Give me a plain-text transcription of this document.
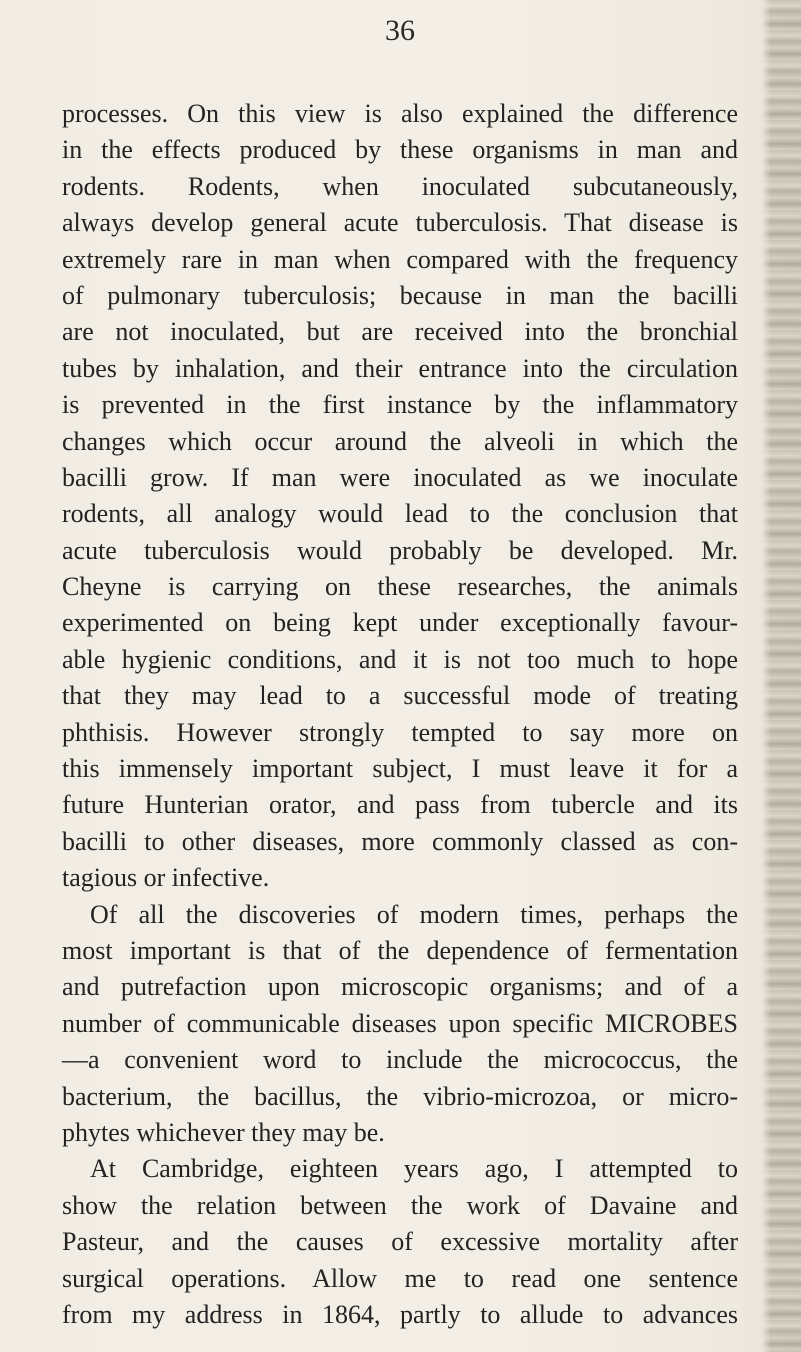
36
processes. On this view is also explained the difference
in the effects produced by these organisms in man and
rodents. Rodents, when inoculated subcutaneously,
always develop general acute tuberculosis. That disease is
extremely rare in man when compared with the frequency
of pulmonary tuberculosis; because in man the bacilli
are not inoculated, but are received into the bronchial
tubes by inhalation, and their entrance into the circulation
is prevented in the first instance by the inflammatory
changes which occur around the alveoli in which the
bacilli grow. If man were inoculated as we inoculate
rodents, all analogy would lead to the conclusion that
acute tuberculosis would probably be developed. Mr.
Cheyne is carrying on these researches, the animals
experimented on being kept under exceptionally favour-
able hygienic conditions, and it is not too much to hope
that they may lead to a successful mode of treating
phthisis. However strongly tempted to say more on
this immensely important subject, I must leave it for a
future Hunterian orator, and pass from tubercle and its
bacilli to other diseases, more commonly classed as con-
tagious or infective.
Of all the discoveries of modern times, perhaps the
most important is that of the dependence of fermentation
and putrefaction upon microscopic organisms; and of a
number of communicable diseases upon specific MICROBES
—a convenient word to include the micrococcus, the
bacterium, the bacillus, the vibrio-microzoa, or micro-
phytes whichever they may be.
At Cambridge, eighteen years ago, I attempted to
show the relation between the work of Davaine and
Pasteur, and the causes of excessive mortality after
surgical operations. Allow me to read one sentence
from my address in 1864, partly to allude to advances
